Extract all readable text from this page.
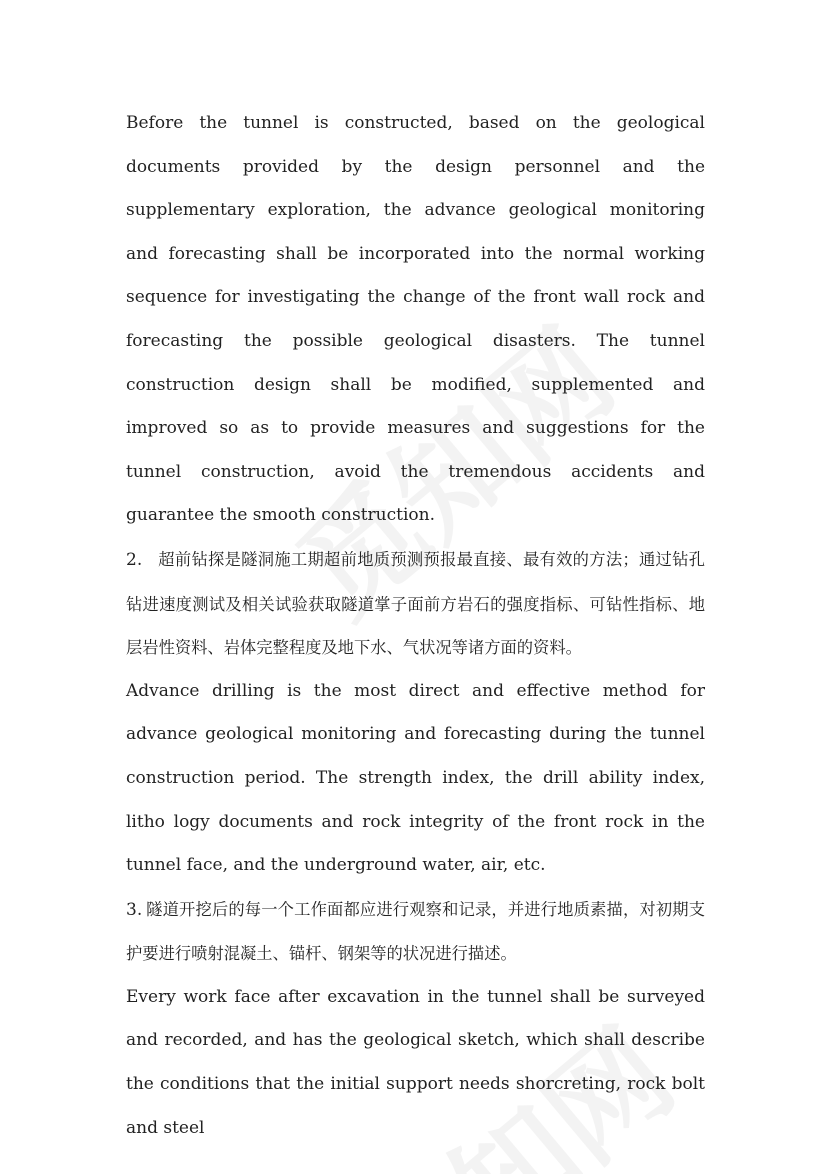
Before the tunnel is constructed, based on the geological documents provided by the design personnel and the supplementary exploration, the advance geological monitoring and forecasting shall be incorporated into the normal working sequence for investigating the change of the front wall rock and forecasting the possible geological disasters. The tunnel construction design shall be modified, supplemented and improved so as to provide measures and suggestions for the tunnel construction, avoid the tremendous accidents and guarantee the smooth construction.

2. 超前钻探是隧洞施工期超前地质预测预报最直接、最有效的方法；通过钻孔钻进速度测试及相关试验获取隧道掌子面前方岩石的强度指标、可钻性指标、地层岩性资料、岩体完整程度及地下水、气状况等诸方面的资料。

Advance drilling is the most direct and effective method for advance geological monitoring and forecasting during the tunnel construction period. The strength index, the drill ability index, litho logy documents and rock integrity of the front rock in the tunnel face, and the underground water, air, etc.

3. 隧道开挖后的每一个工作面都应进行观察和记录，并进行地质素描，对初期支护要进行喷射混凝土、锚杆、钢架等的状况进行描述。

Every work face after excavation in the tunnel shall be surveyed and recorded, and has the geological sketch, which shall describe the conditions that the initial support needs shorcreting, rock bolt and steel
